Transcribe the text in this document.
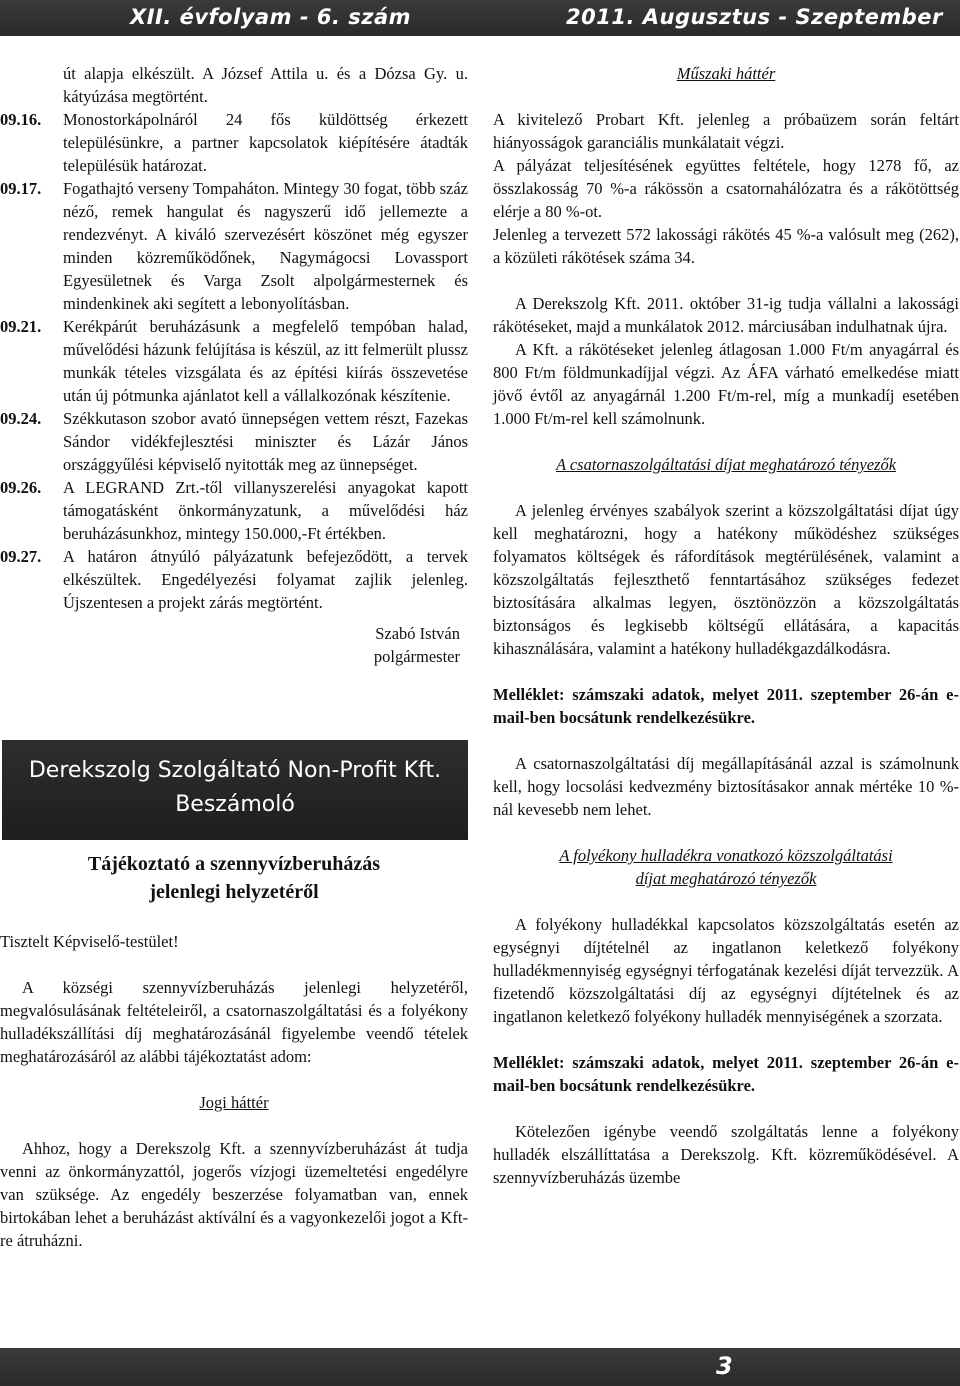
XII. évfolyam - 6. szám	2011. Augusztus - Szeptember

út alapja elkészült. A József Attila u. és a Dózsa Gy. u. kátyúzása megtörtént.

09.16. Monostorkápolnáról 24 fős küldöttség érkezett településünkre, a partner kapcsolatok kiépítésére átadták településük határozat.

09.17. Fogathajtó verseny Tompaháton. Mintegy 30 fogat, több száz néző, remek hangulat és nagyszerű idő jellemezte a rendezvényt. A kiváló szervezésért köszönet még egyszer minden közreműködőnek, Nagymágocsi Lovassport Egyesületnek és Varga Zsolt alpolgármesternek és mindenkinek aki segített a lebonyolításban.

09.21. Kerékpárút beruházásunk a megfelelő tempóban halad, művelődési házunk felújítása is készül, az itt felmerült plussz munkák tételes vizsgálata és az építési kiírás összevetése után új pótmunka ajánlatot kell a vállalkozónak készítenie.

09.24. Székkutason szobor avató ünnepségen vettem részt, Fazekas Sándor vidékfejlesztési miniszter és Lázár János országgyűlési képviselő nyitották meg az ünnepséget.

09.26. A LEGRAND Zrt.-től villanyszerelési anyagokat kapott támogatásként önkormányzatunk, a művelődési ház beruházásunkhoz, mintegy 150.000,-Ft értékben.

09.27. A határon átnyúló pályázatunk befejeződött, a tervek elkészültek. Engedélyezési folyamat zajlik jelenleg. Újszentesen a projekt zárás megtörtént.

Szabó István

polgármester

Derekszolg Szolgáltató Non-Profit Kft.
Beszámoló
Tájékoztató a szennyvízberuházás
jelenlegi helyzetéről

Tisztelt Képviselő-testület!

A községi szennyvízberuházás jelenlegi helyzetéről, megvalósulásának feltételeiről, a csatornaszolgáltatási és a folyékony hulladékszállítási díj meghatározásánál figyelembe veendő tételek meghatározásáról az alábbi tájékoztatást adom:

Jogi háttér

Ahhoz, hogy a Derekszolg Kft. a szennyvízberuházást át tudja venni az önkormányzattól, jogerős vízjogi üzemeltetési engedélyre van szüksége. Az engedély beszerzése folyamatban van, ennek birtokában lehet a beruházást aktívální és a vagyonkezelői jogot a Kft-re átruházni.

Műszaki háttér

A kivitelező Probart Kft. jelenleg a próbaüzem során feltárt hiányosságok garanciális munkálatait végzi.

A pályázat teljesítésének együttes feltétele, hogy 1278 fő, az összlakosság 70 %-a rákössön a csatornahálózatra és a rákötöttség elérje a 80 %-ot.

Jelenleg a tervezett 572 lakossági rákötés 45 %-a valósult meg (262), a közületi rákötések száma 34.

A Derekszolg Kft. 2011. október 31-ig tudja vállalni a lakossági rákötéseket, majd a munkálatok 2012. márciusában indulhatnak újra.

A Kft. a rákötéseket jelenleg átlagosan 1.000 Ft/m anyagárral és 800 Ft/m földmunkadíjjal végzi. Az ÁFA várható emelkedése miatt jövő évtől az anyagárnál 1.200 Ft/m-rel, míg a munkadíj esetében 1.000 Ft/m-rel kell számolnunk.

A csatornaszolgáltatási díjat meghatározó tényezők

A jelenleg érvényes szabályok szerint a közszolgáltatási díjat úgy kell meghatározni, hogy a hatékony működéshez szükséges folyamatos költségek és ráfordítások megtérülésének, valamint a közszolgáltatás fejleszthető fenntartásához szükséges fedezet biztosítására alkalmas legyen, ösztönözzön a közszolgáltatás biztonságos és legkisebb költségű ellátására, a kapacitás kihasználására, valamint a hatékony hulladékgazdálkodásra.

Melléklet: számszaki adatok, melyet 2011. szeptember 26-án e-mail-ben bocsátunk rendelkezésükre.

A csatornaszolgáltatási díj megállapításánál azzal is számolnunk kell, hogy locsolási kedvezmény biztosításakor annak mértéke 10 %-nál kevesebb nem lehet.

A folyékony hulladékra vonatkozó közszolgáltatási

díjat meghatározó tényezők

A folyékony hulladékkal kapcsolatos közszolgáltatás esetén az egységnyi díjtételnél az ingatlanon keletkező folyékony hulladékmennyiség egységnyi térfogatának kezelési díját tervezzük. A fizetendő közszolgáltatási díj az egységnyi díjtételnek és az ingatlanon keletkező folyékony hulladék mennyiségének a szorzata.

Melléklet: számszaki adatok, melyet 2011. szeptember 26-án e-mail-ben bocsátunk rendelkezésükre.

Kötelezően igénybe veendő szolgáltatás lenne a folyékony hulladék elszállíttatása a Derekszolg. Kft. közreműködésével. A szennyvízberuházás üzembe

3
